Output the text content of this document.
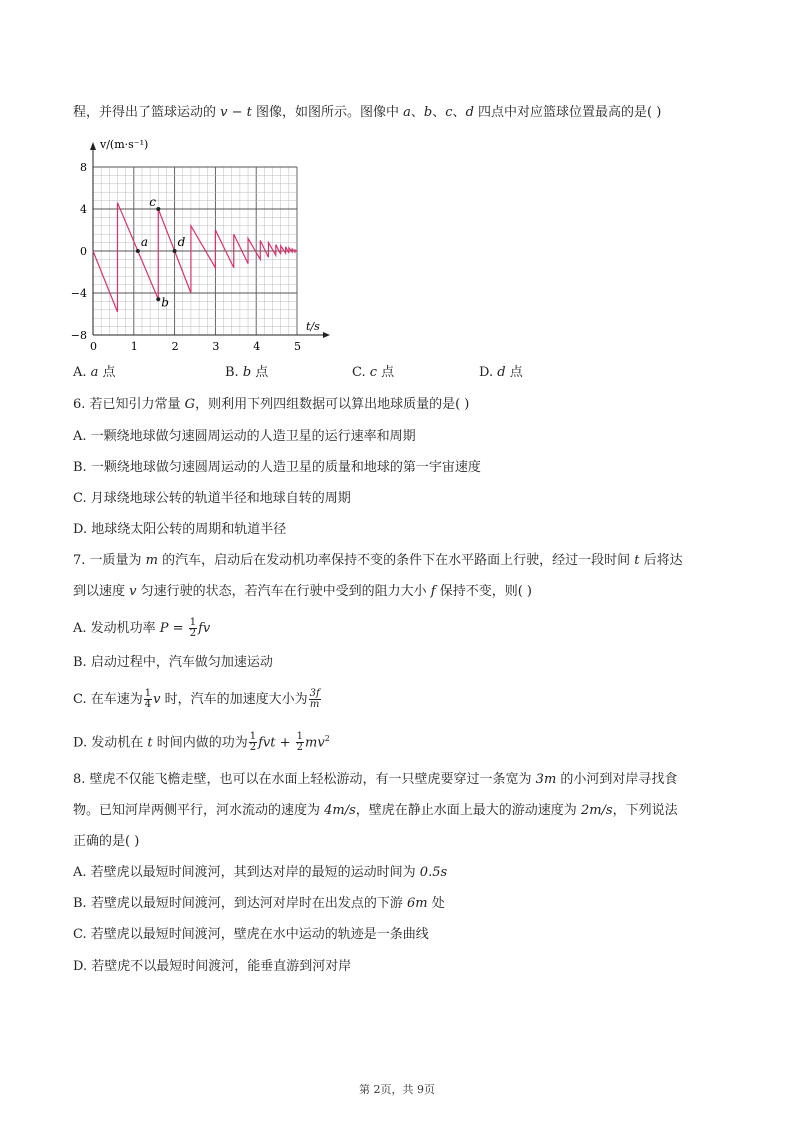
程，并得出了篮球运动的 v − t 图像，如图所示。图像中 a、b、c、d 四点中对应篮球位置最高的是( )
0	1	2	3	4	5
8
4
0
−4
−8
a
b
c
d
v/(m·s⁻¹)
t/s
A. a 点	B. b 点	C. c 点	D. d 点
6. 若已知引力常量 G，则利用下列四组数据可以算出地球质量的是( )
A. 一颗绕地球做匀速圆周运动的人造卫星的运行速率和周期
B. 一颗绕地球做匀速圆周运动的人造卫星的质量和地球的第一宇宙速度
C. 月球绕地球公转的轨道半径和地球自转的周期
D. 地球绕太阳公转的周期和轨道半径
7. 一质量为 m 的汽车，启动后在发动机功率保持不变的条件下在水平路面上行驶，经过一段时间 t 后将达
到以速度 v 匀速行驶的状态，若汽车在行驶中受到的阻力大小 f 保持不变，则( )
A. 发动机功率 $P = \frac{1}{2}$ fv
B. 启动过程中，汽车做匀加速运动
C. 在车速为 $\frac{1}{4}$ v 时，汽车的加速度大小为 $\frac{3f}{m}$
D. 发动机在 t 时间内做的功为 $\frac{1}{2}$ fvt + $\frac{1}{2} mv^2$
8. 壁虎不仅能飞檐走壁，也可以在水面上轻松游动，有一只壁虎要穿过一条宽为 3m 的小河到对岸寻找食
物。已知河岸两侧平行，河水流动的速度为 4m/s，壁虎在静止水面上最大的游动速度为 2m/s，下列说法
正确的是( )
A. 若壁虎以最短时间渡河，其到达对岸的最短的运动时间为 0.5s
B. 若壁虎以最短时间渡河，到达河对岸时在出发点的下游 6m 处
C. 若壁虎以最短时间渡河，壁虎在水中运动的轨迹是一条曲线
D. 若壁虎不以最短时间渡河，能垂直游到河对岸
第 2页，共 9页
